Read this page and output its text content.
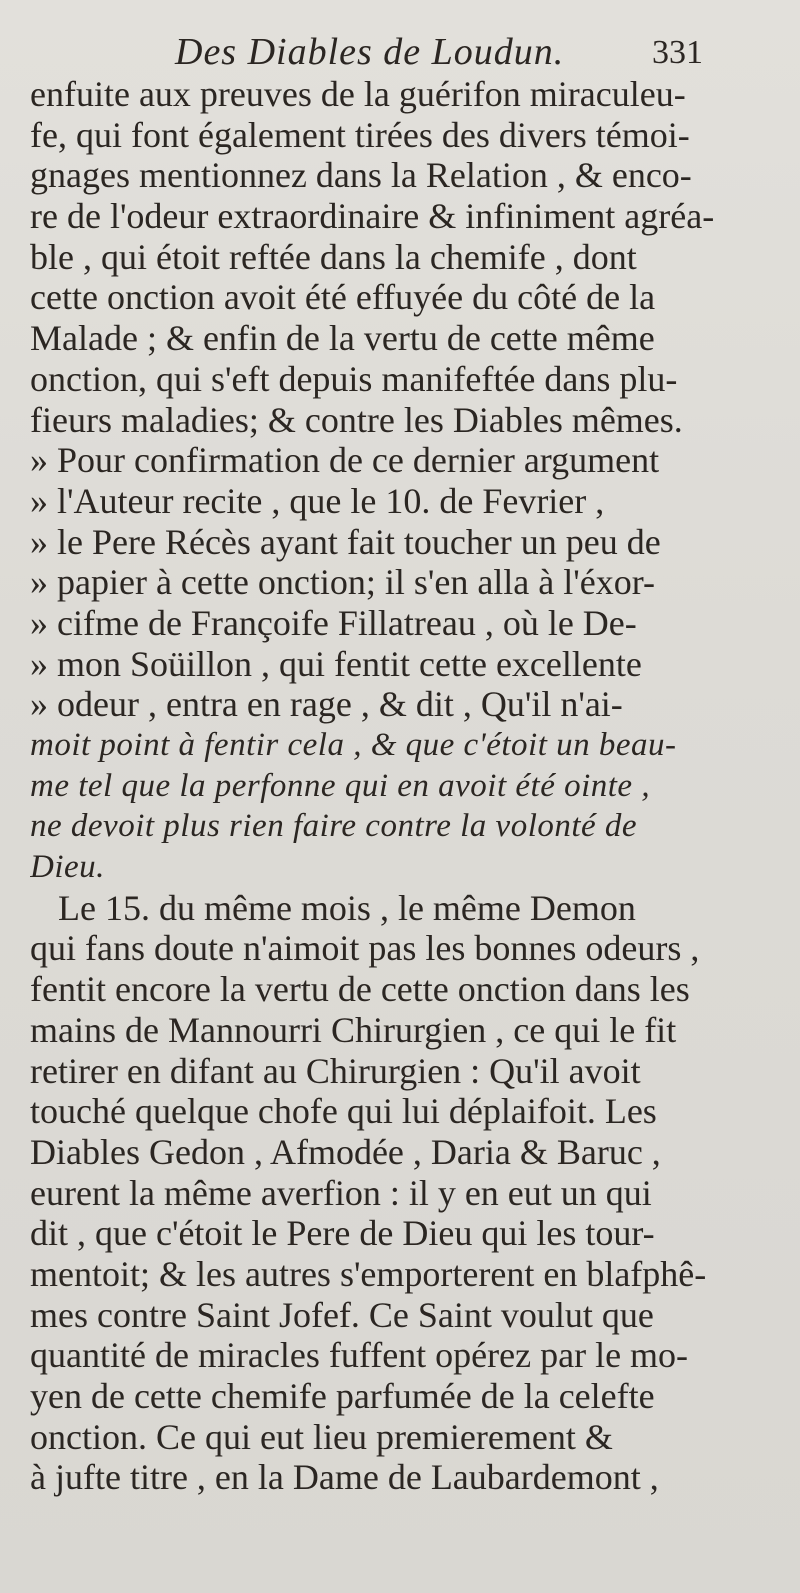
Des Diables de Loudun.	331
enfuite aux preuves de la guérifon miraculeu-
fe, qui font également tirées des divers témoi-
gnages mentionnez dans la Relation , & enco-
re de l'odeur extraordinaire & infiniment agréa-
ble , qui étoit reftée dans la chemife , dont
cette onction avoit été effuyée du côté de la
Malade ; & enfin de la vertu de cette même
onction, qui s'eft depuis manifeftée dans plu-
fieurs maladies; & contre les Diables mêmes.
» Pour confirmation de ce dernier argument
» l'Auteur recite , que le 10. de Fevrier ,
» le Pere Récès ayant fait toucher un peu de
» papier à cette onction; il s'en alla à l'éxor-
» cifme de Françoife Fillatreau , où le De-
» mon Soüillon , qui fentit cette excellente
» odeur , entra en rage , & dit , Qu'il n'ai-
moit point à fentir cela , & que c'étoit un beau-
me tel que la perfonne qui en avoit été ointe ,
ne devoit plus rien faire contre la volonté de
Dieu.
Le 15. du même mois , le même Demon
qui fans doute n'aimoit pas les bonnes odeurs ,
fentit encore la vertu de cette onction dans les
mains de Mannourri Chirurgien , ce qui le fit
retirer en difant au Chirurgien : Qu'il avoit
touché quelque chofe qui lui déplaifoit. Les
Diables Gedon , Afmodée , Daria & Baruc ,
eurent la même averfion : il y en eut un qui
dit , que c'étoit le Pere de Dieu qui les tour-
mentoit; & les autres s'emporterent en blafphê-
mes contre Saint Jofef. Ce Saint voulut que
quantité de miracles fuffent opérez par le mo-
yen de cette chemife parfumée de la celefte
onction. Ce qui eut lieu premierement &
à jufte titre , en la Dame de Laubardemont ,
